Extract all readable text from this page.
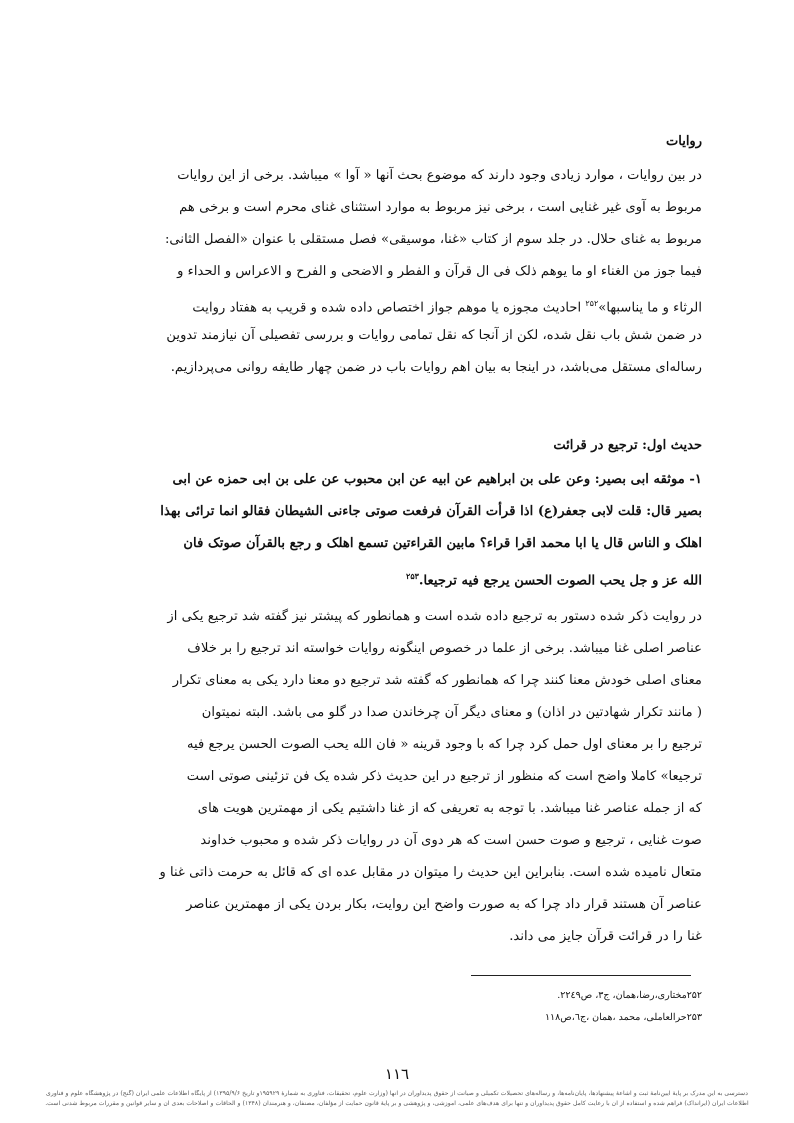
روایات
در بین روایات ، موارد زیادی وجود دارند که موضوع بحث آنها « آوا » میباشد. برخی از این روایات
مربوط به آوی غیر غنایی است ، برخی نیز مربوط به موارد استثنای غنای محرم است و برخی هم
مربوط به غنای حلال. در جلد سوم از کتاب «غنا، موسیقی» فصل مستقلی با عنوان «الفصل الثانی:
فیما جوز من الغناء او ما یوهم ذلک فی ال قرآن و الفطر و الاضحی و الفرح و الاعراس و الحداء و
الرثاء و ما یناسبها»$^{۲۵۲}$ احادیث مجوزه یا موهم جواز اختصاص داده شده و قریب به هفتاد روایت
در ضمن شش باب نقل شده، لکن از آنجا که نقل تمامی روایات و بررسی تفصیلی آن نیازمند تدوین
رساله‌ای مستقل می‌باشد، در اینجا به بیان اهم روایات باب در ضمن چهار طایفه روانی می‌پردازیم.
حدیث اول: ترجیع در قرائت
۱- موثقه ابی بصیر: وعن علی بن ابراهیم عن ابیه عن ابن محبوب عن علی بن ابی حمزه عن ابی
بصیر قال: قلت لابی جعفر(ع) اذا قرأت القرآن فرفعت صوتی جاءنی الشیطان فقالو انما ترائی بهذا
اهلک و الناس قال یا ابا محمد اقرا قراء؟ مابین القراءتین تسمع اهلک و رجع بالقرآن صوتک فان
الله عز و جل یحب الصوت الحسن یرجع فیه ترجیعا.$^{۲۵۳}$
در روایت ذکر شده دستور به ترجیع داده شده است و همانطور که پیشتر نیز گفته شد ترجیع یکی از
عناصر اصلی غنا میباشد. برخی از علما در خصوص اینگونه روایات خواسته اند ترجیع را بر خلاف
معنای اصلی خودش معنا کنند چرا که همانطور که گفته شد ترجیع دو معنا دارد یکی به معنای تکرار
( مانند تکرار شهادتین در اذان) و معنای دیگر آن چرخاندن صدا در گلو می باشد. البته نمیتوان
ترجیع را بر معنای اول حمل کرد چرا که با وجود قرینه « فان الله یحب الصوت الحسن یرجع فیه
ترجیعا» کاملا واضح است که منظور از ترجیع در این حدیث ذکر شده یک فن تزئینی صوتی است
که از جمله عناصر غنا میباشد. با توجه به تعریفی که از غنا داشتیم یکی از مهمترین هویت های
صوت غنایی ، ترجیع و صوت حسن است که هر دوی آن در روایات ذکر شده و محبوب خداوند
متعال نامیده شده است. بنابراین این حدیث را میتوان در مقابل عده ای که قائل به حرمت ذاتی غنا و
عناصر آن هستند قرار داد چرا که به صورت واضح این روایت، بکار بردن یکی از مهمترین عناصر
غنا را در قرائت قرآن جایز می داند.
۲۵۲مختاری،رضا،همان، ج۳، ص۲۲٤۹.
۲۵۳حرالعاملی، محمد ،همان ،ج٦،ص۱۱۸
۱۱٦
دسترسی به این مدرک بر پایهٔ آیین‌نامهٔ ثبت و اشاعهٔ پیشنهادها، پایان‌نامه‌ها، و رساله‌های تحصیلات تکمیلی و صیانت از حقوق پدیدآوران در آنها (وزارت علوم، تحقیقات، فناوری به شمارهٔ ۱۹۵۹۲۹و تاریخ ۱۳۹۵/۹/۶) از پایگاه اطلاعات علمی ایران (گنج) در پژوهشگاه علوم و فناوری
اطلاعات ایران (ایرانداک) فراهم شده و استفاده از آن با رعایت کامل حقوق پدیدآوران و تنها برای هدف‌های علمی، آموزشی، و پژوهشی و بر پایهٔ قانون حمایت از مؤلفان، مصنفان، و هنرمندان (۱۳۴۸) و الحاقات و اصلاحات بعدی آن و سایر قوانین و مقررات مربوط شدنی است.
